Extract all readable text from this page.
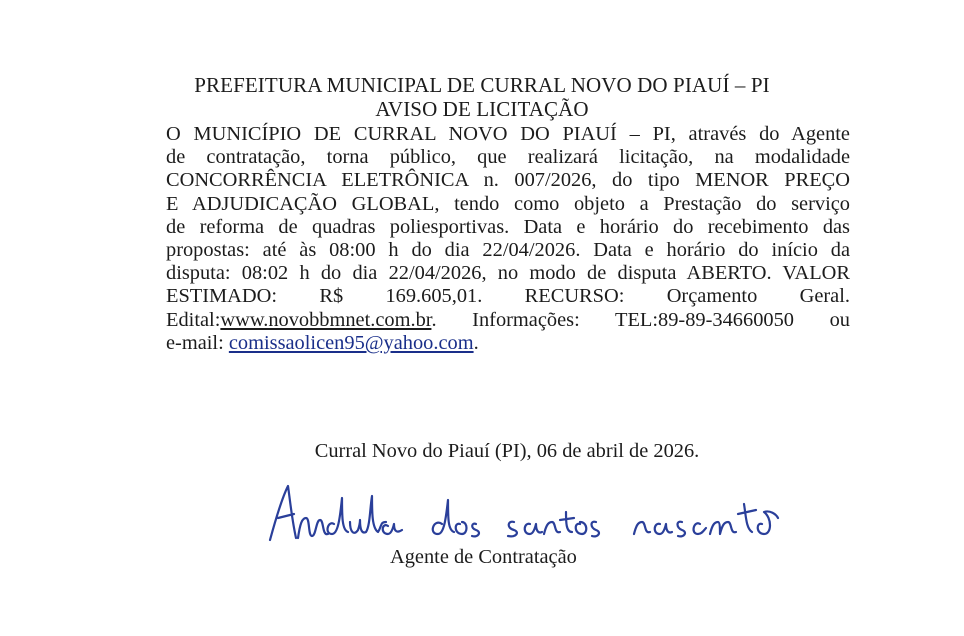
PREFEITURA MUNICIPAL DE CURRAL NOVO DO PIAUÍ – PI
AVISO DE LICITAÇÃO
O MUNICÍPIO DE CURRAL NOVO DO PIAUÍ – PI, através do Agente
de contratação, torna público, que realizará licitação, na modalidade
CONCORRÊNCIA ELETRÔNICA n. 007/2026, do tipo MENOR PREÇO
E ADJUDICAÇÃO GLOBAL, tendo como objeto a Prestação do serviço
de reforma de quadras poliesportivas. Data e horário do recebimento das
propostas: até às 08:00 h do dia 22/04/2026. Data e horário do início da
disputa: 08:02 h do dia 22/04/2026, no modo de disputa ABERTO. VALOR
ESTIMADO: R$ 169.605,01. RECURSO: Orçamento Geral.
Edital:www.novobbmnet.com.br. Informações: TEL:89-89-34660050 ou
e-mail: comissaolicen95@yahoo.com.
Curral Novo do Piauí (PI), 06 de abril de 2026.
Agente de Contratação
